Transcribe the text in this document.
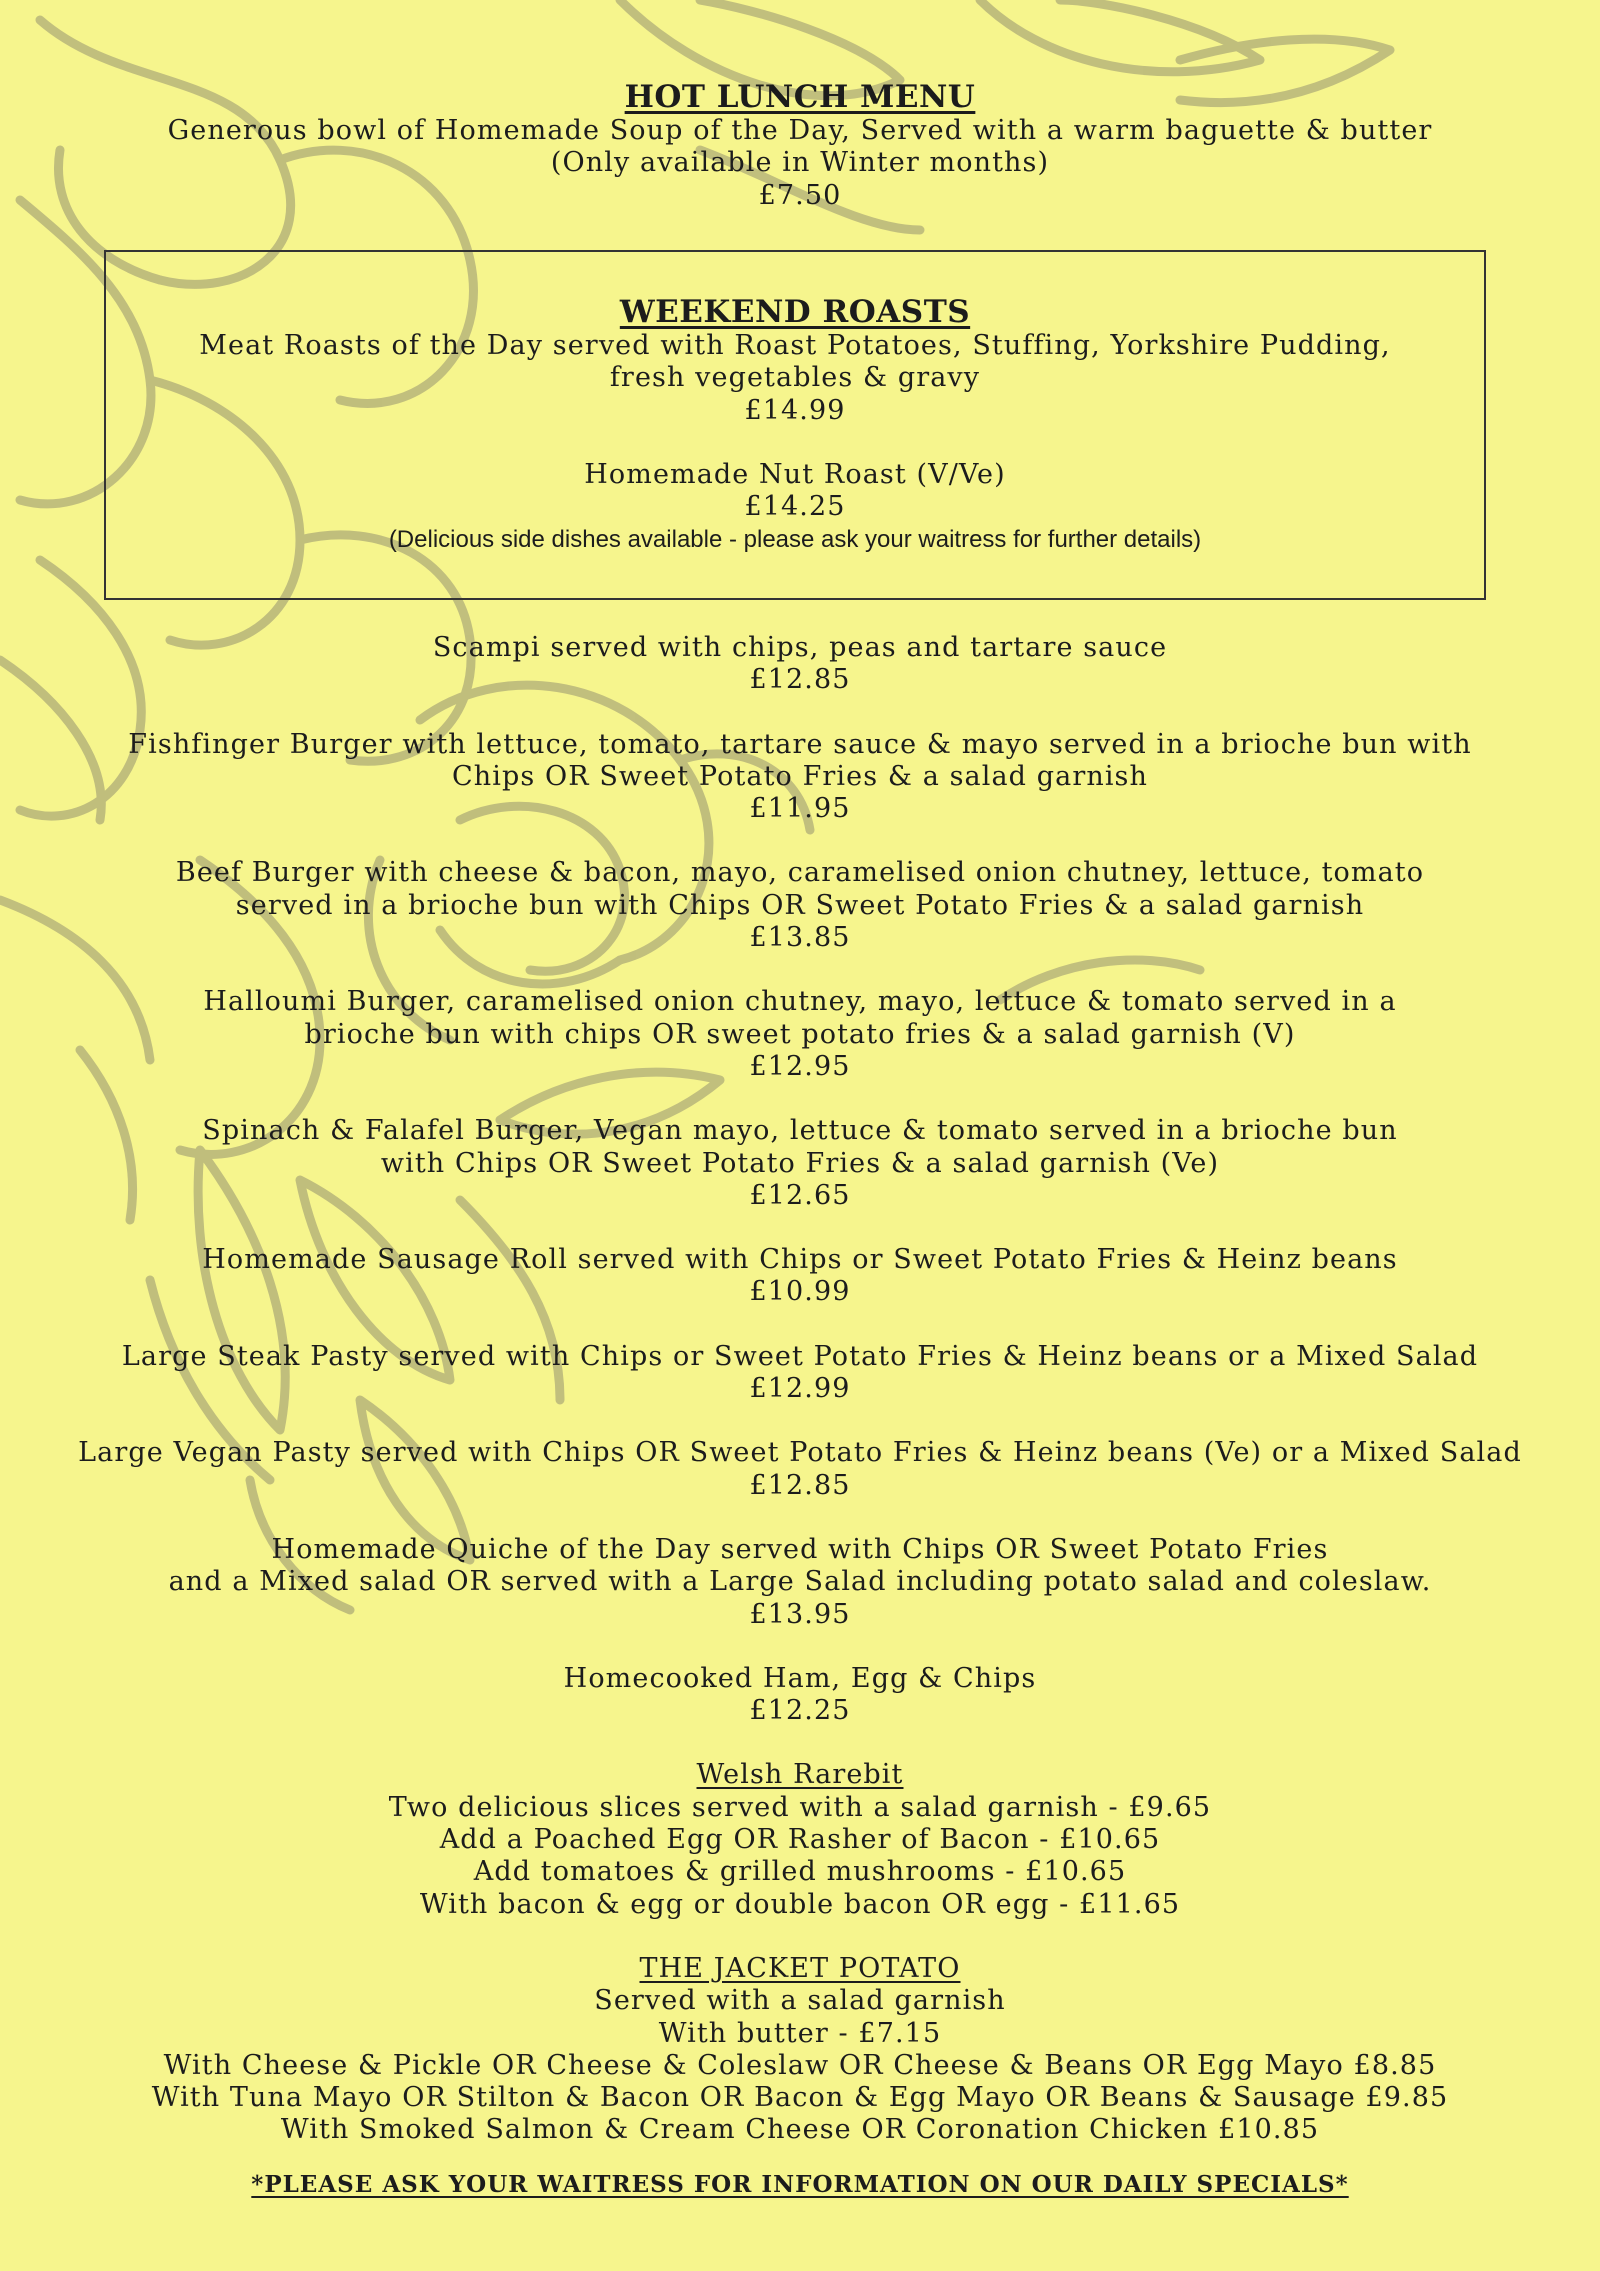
HOT LUNCH MENU
Generous bowl of Homemade Soup of the Day, Served with a warm baguette & butter
(Only available in Winter months)
£7.50
WEEKEND ROASTS
Meat Roasts of the Day served with Roast Potatoes, Stuffing, Yorkshire Pudding,
fresh vegetables & gravy
£14.99
Homemade Nut Roast (V/Ve)
£14.25
(Delicious side dishes available - please ask your waitress for further details)
Scampi served with chips, peas and tartare sauce
£12.85
Fishfinger Burger with lettuce, tomato, tartare sauce & mayo served in a brioche bun with
Chips OR Sweet Potato Fries & a salad garnish
£11.95
Beef Burger with cheese & bacon, mayo, caramelised onion chutney, lettuce, tomato
served in a brioche bun with Chips OR Sweet Potato Fries & a salad garnish
£13.85
Halloumi Burger, caramelised onion chutney, mayo, lettuce & tomato served in a
brioche bun with chips OR sweet potato fries & a salad garnish (V)
£12.95
Spinach & Falafel Burger, Vegan mayo, lettuce & tomato served in a brioche bun
with Chips OR Sweet Potato Fries & a salad garnish (Ve)
£12.65
Homemade Sausage Roll served with Chips or Sweet Potato Fries & Heinz beans
£10.99
Large Steak Pasty served with Chips or Sweet Potato Fries & Heinz beans or a Mixed Salad
£12.99
Large Vegan Pasty served with Chips OR Sweet Potato Fries & Heinz beans (Ve) or a Mixed Salad
£12.85
Homemade Quiche of the Day served with Chips OR Sweet Potato Fries
and a Mixed salad OR served with a Large Salad including potato salad and coleslaw.
£13.95
Homecooked Ham, Egg & Chips
£12.25
Welsh Rarebit
Two delicious slices served with a salad garnish - £9.65
Add a Poached Egg OR Rasher of Bacon - £10.65
Add tomatoes & grilled mushrooms - £10.65
With bacon & egg or double bacon OR egg - £11.65
THE JACKET POTATO
Served with a salad garnish
With butter - £7.15
With Cheese & Pickle OR Cheese & Coleslaw OR Cheese & Beans OR Egg Mayo £8.85
With Tuna Mayo OR Stilton & Bacon OR Bacon & Egg Mayo OR Beans & Sausage £9.85
With Smoked Salmon & Cream Cheese OR Coronation Chicken £10.85
*PLEASE ASK YOUR WAITRESS FOR INFORMATION ON OUR DAILY SPECIALS*
